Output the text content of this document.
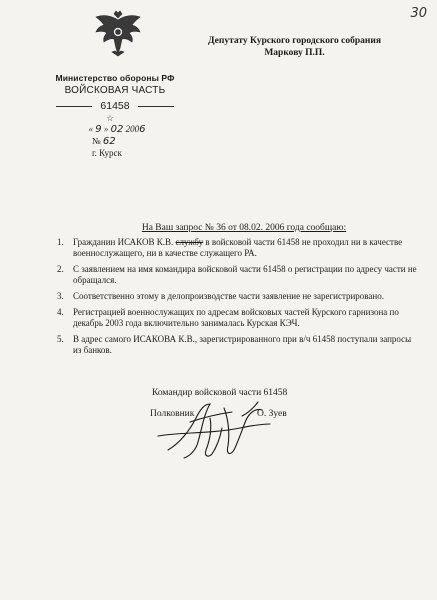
30
Министерство обороны РФ
ВОЙСКОВАЯ ЧАСТЬ
61458
☆
« 9 » 02 2006
№ 62
г. Курск
Депутату Курского городского собрания
Маркову П.П.
На Ваш запрос № 36 от 08.02. 2006 года сообщаю:
1.	Гражданин ИСАКОВ К.В. службу в войсковой части 61458 не проходил ни в качестве военнослужащего, ни в качестве служащего РА.
2.	С заявлением на имя командира войсковой части 61458 о регистрации по адресу части не обращался.
3.	Соответственно этому в делопроизводстве части заявление не зарегистрировано.
4.	Регистрацией военнослужащих по адресам войсковых частей Курского гарнизона по декабрь 2003 года включительно занималась Курская КЭЧ.
5.	В адрес самого ИСАКОВА К.В., зарегистрированного при в/ч 61458 поступали запросы из банков.
Командир войсковой части 61458
Полковник	О. Зуев
